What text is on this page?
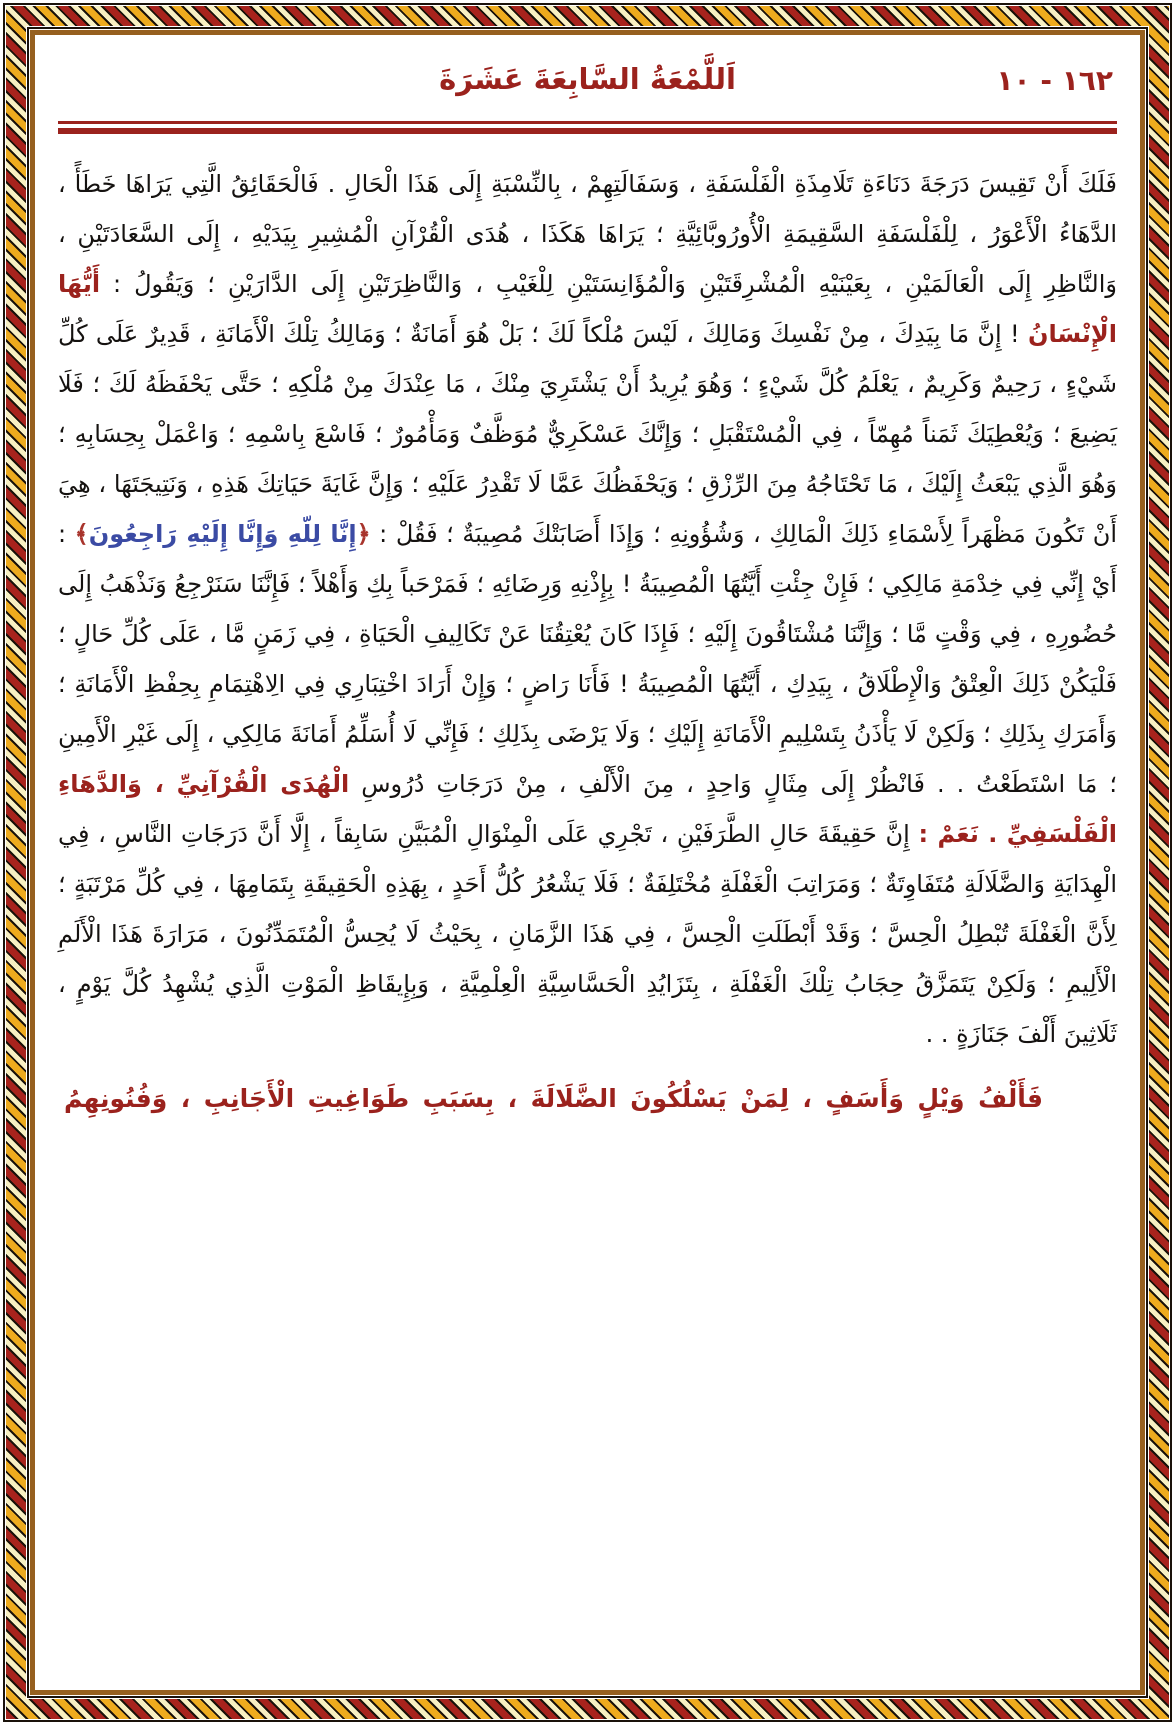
١٦٢ - ١٠
اَللَّمْعَةُ السَّابِعَةَ عَشَرَةَ

فَلَكَ أَنْ تَقِيسَ دَرَجَةَ دَنَاءَةِ تَلَامِذَةِ الْفَلْسَفَةِ ، وَسَفَالَتِهِمْ ، بِالنِّسْبَةِ إِلَى هَذَا الْحَالِ . فَالْحَقَائِقُ الَّتِي يَرَاهَا خَطَأً ، الدَّهَاءُ الْأَعْوَرُ ، لِلْفَلْسَفَةِ السَّقِيمَةِ الْأُورُوبَّائِيَّةِ ؛ يَرَاهَا هَكَذَا ، هُدَى الْقُرْآنِ الْمُشِيرِ بِيَدَيْهِ ، إِلَى السَّعَادَتَيْنِ ، وَالنَّاظِرِ إِلَى الْعَالَمَيْنِ ، بِعَيْنَيْهِ الْمُشْرِقَتَيْنِ وَالْمُؤَانِسَتَيْنِ لِلْغَيْبِ ، وَالنَّاظِرَتَيْنِ إِلَى الدَّارَيْنِ ؛ وَيَقُولُ : أَيُّهَا الْإِنْسَانُ ! إِنَّ مَا بِيَدِكَ ، مِنْ نَفْسِكَ وَمَالِكَ ، لَيْسَ مُلْكاً لَكَ ؛ بَلْ هُوَ أَمَانَةٌ ؛ وَمَالِكُ تِلْكَ الْأَمَانَةِ ، قَدِيرٌ عَلَى كُلِّ شَيْءٍ ، رَحِيمٌ وَكَرِيمٌ ، يَعْلَمُ كُلَّ شَيْءٍ ؛ وَهُوَ يُرِيدُ أَنْ يَشْتَرِيَ مِنْكَ ، مَا عِنْدَكَ مِنْ مُلْكِهِ ؛ حَتَّى يَحْفَظَهُ لَكَ ؛ فَلَا يَضِيعَ ؛ وَيُعْطِيَكَ ثَمَناً مُهِمّاً ، فِي الْمُسْتَقْبَلِ ؛ وَإِنَّكَ عَسْكَرِيٌّ مُوَظَّفٌ وَمَأْمُورٌ ؛ فَاسْعَ بِاسْمِهِ ؛ وَاعْمَلْ بِحِسَابِهِ ؛ وَهُوَ الَّذِي يَبْعَثُ إِلَيْكَ ، مَا تَحْتَاجُهُ مِنَ الرِّزْقِ ؛ وَيَحْفَظُكَ عَمَّا لَا تَقْدِرُ عَلَيْهِ ؛ وَإِنَّ غَايَةَ حَيَاتِكَ هَذِهِ ، وَنَتِيجَتَهَا ، هِيَ أَنْ تَكُونَ مَظْهَراً لِأَسْمَاءِ ذَلِكَ الْمَالِكِ ، وَشُؤُونِهِ ؛ وَإِذَا أَصَابَتْكَ مُصِيبَةٌ ؛ فَقُلْ : ﴿إِنَّا لِلّهِ وَإِنَّا إِلَيْهِ رَاجِعُونَ﴾ : أَيْ إِنِّي فِي خِدْمَةِ مَالِكِي ؛ فَإِنْ جِئْتِ أَيَّتُهَا الْمُصِيبَةُ ! بِإِذْنِهِ وَرِضَائِهِ ؛ فَمَرْحَباً بِكِ وَأَهْلاً ؛ فَإِنَّنَا سَنَرْجِعُ وَنَذْهَبُ إِلَى حُضُورِهِ ، فِي وَقْتٍ مَّا ؛ وَإِنَّنَا مُشْتَاقُونَ إِلَيْهِ ؛ فَإِذَا كَانَ يُعْتِقُنَا عَنْ تَكَالِيفِ الْحَيَاةِ ، فِي زَمَنٍ مَّا ، عَلَى كُلِّ حَالٍ ؛ فَلْيَكُنْ ذَلِكَ الْعِتْقُ وَالْإِطْلَاقُ ، بِيَدِكِ ، أَيَّتُهَا الْمُصِيبَةُ ! فَأَنَا رَاضٍ ؛ وَإِنْ أَرَادَ اخْتِبَارِي فِي الِاهْتِمَامِ بِحِفْظِ الْأَمَانَةِ ؛ وَأَمَرَكِ بِذَلِكِ ؛ وَلَكِنْ لَا يَأْذَنُ بِتَسْلِيمِ الْأَمَانَةِ إِلَيْكِ ؛ وَلَا يَرْضَى بِذَلِكِ ؛ فَإِنِّي لَا أُسَلِّمُ أَمَانَةَ مَالِكِي ، إِلَى غَيْرِ الْأَمِينِ ؛ مَا اسْتَطَعْتُ . . فَانْظُرْ إِلَى مِثَالٍ وَاحِدٍ ، مِنَ الْأَلْفِ ، مِنْ دَرَجَاتِ دُرُوسِ الْهُدَى الْقُرْآنِيِّ ، وَالدَّهَاءِ الْفَلْسَفِيِّ . نَعَمْ : إِنَّ حَقِيقَةَ حَالِ الطَّرَفَيْنِ ، تَجْرِي عَلَى الْمِنْوَالِ الْمُبَيَّنِ سَابِقاً ، إِلَّا أَنَّ دَرَجَاتِ النَّاسِ ، فِي الْهِدَايَةِ وَالضَّلَالَةِ مُتَفَاوِتَةٌ ؛ وَمَرَاتِبَ الْغَفْلَةِ مُخْتَلِفَةٌ ؛ فَلَا يَشْعُرُ كُلُّ أَحَدٍ ، بِهَذِهِ الْحَقِيقَةِ بِتَمَامِهَا ، فِي كُلِّ مَرْتَبَةٍ ؛ لِأَنَّ الْغَفْلَةَ تُبْطِلُ الْحِسَّ ؛ وَقَدْ أَبْطَلَتِ الْحِسَّ ، فِي هَذَا الزَّمَانِ ، بِحَيْثُ لَا يُحِسُّ الْمُتَمَدِّنُونَ ، مَرَارَةَ هَذَا الْأَلَمِ الْأَلِيمِ ؛ وَلَكِنْ يَتَمَزَّقُ حِجَابُ تِلْكَ الْغَفْلَةِ ، بِتَزَايُدِ الْحَسَّاسِيَّةِ الْعِلْمِيَّةِ ، وَبِإِيقَاظِ الْمَوْتِ الَّذِي يُشْهِدُ كُلَّ يَوْمٍ ، ثَلَاثِينَ أَلْفَ جَنَازَةٍ . .

فَأَلْفُ وَيْلٍ وَأَسَفٍ ، لِمَنْ يَسْلُكُونَ الضَّلَالَةَ ، بِسَبَبِ طَوَاغِيتِ الْأَجَانِبِ ، وَفُنُونِهِمُ
